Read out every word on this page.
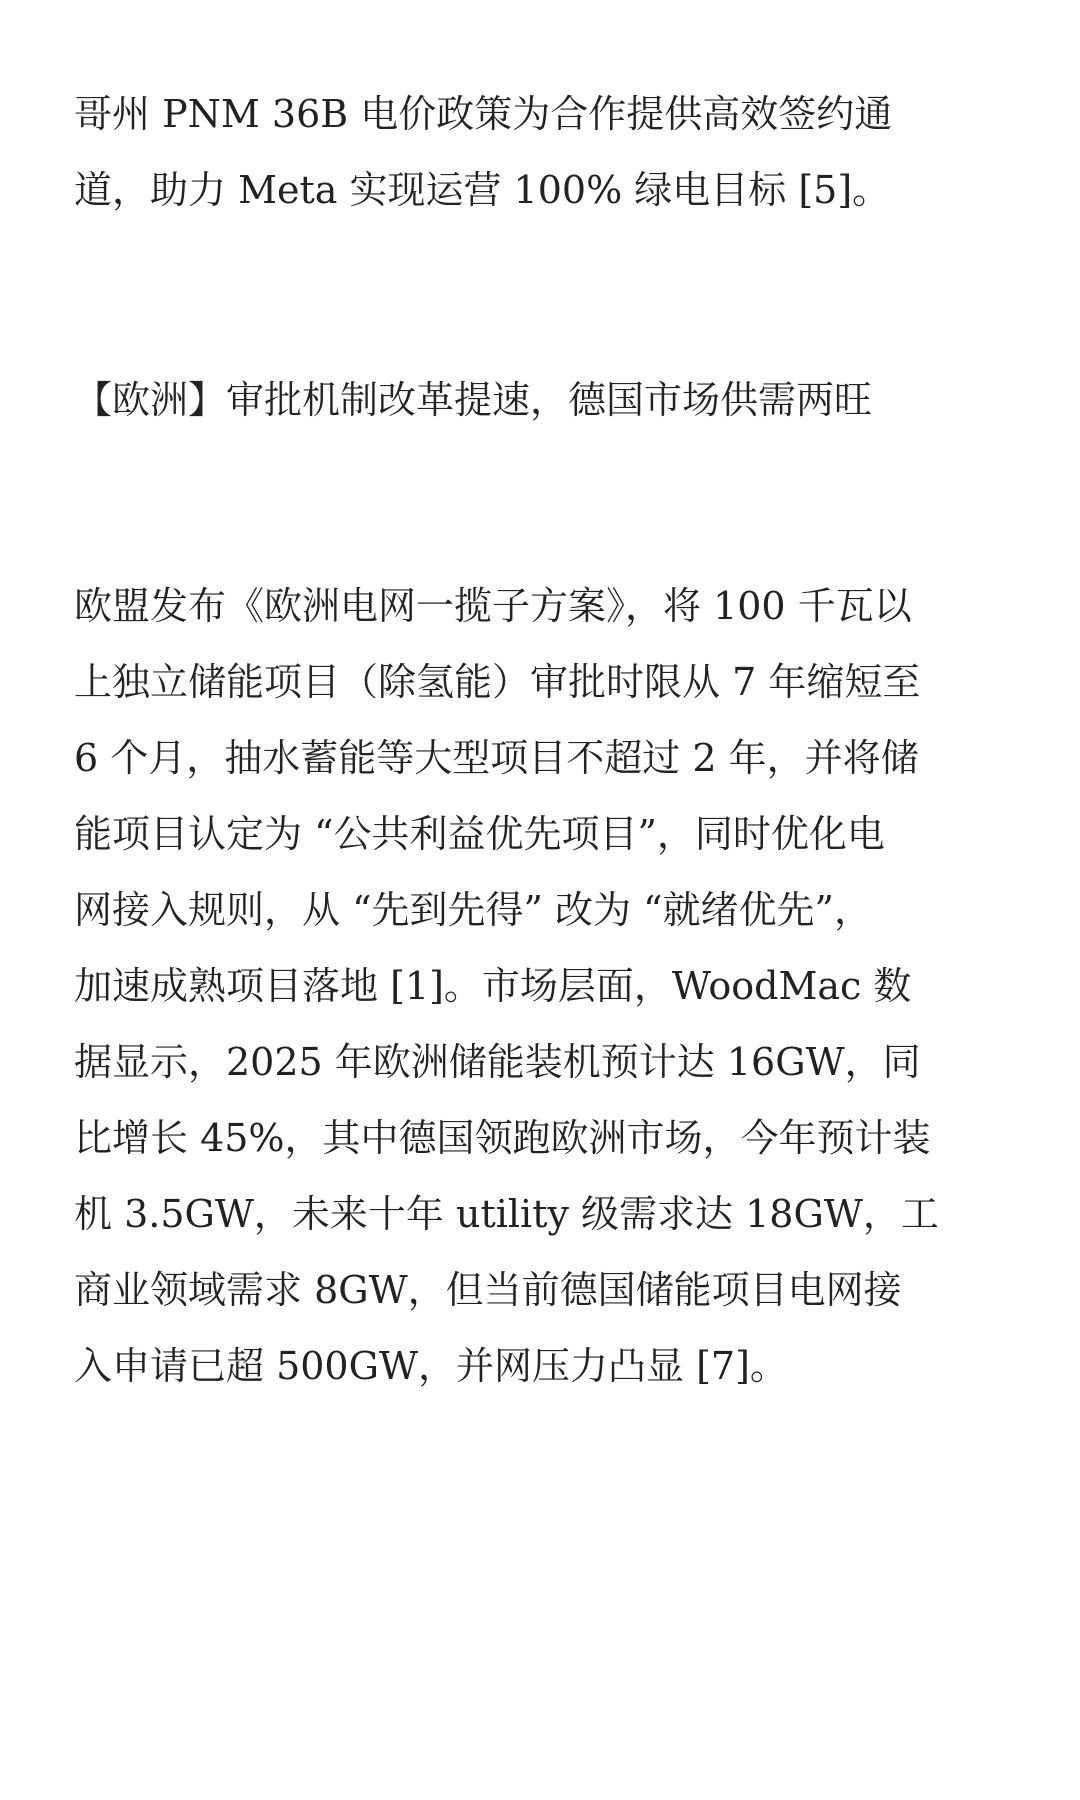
哥州 PNM 36B 电价政策为合作提供高效签约通
道，助力 Meta 实现运营 100% 绿电目标 [5]。
【欧洲】审批机制改革提速，德国市场供需两旺
欧盟发布《欧洲电网一揽子方案》，将 100 千瓦以
上独立储能项目（除氢能）审批时限从 7 年缩短至
6 个月，抽水蓄能等大型项目不超过 2 年，并将储
能项目认定为 “公共利益优先项目”，同时优化电
网接入规则，从 “先到先得” 改为 “就绪优先”，
加速成熟项目落地 [1]。市场层面，WoodMac 数
据显示，2025 年欧洲储能装机预计达 16GW，同
比增长 45%，其中德国领跑欧洲市场，今年预计装
机 3.5GW，未来十年 utility 级需求达 18GW，工
商业领域需求 8GW，但当前德国储能项目电网接
入申请已超 500GW，并网压力凸显 [7]。
